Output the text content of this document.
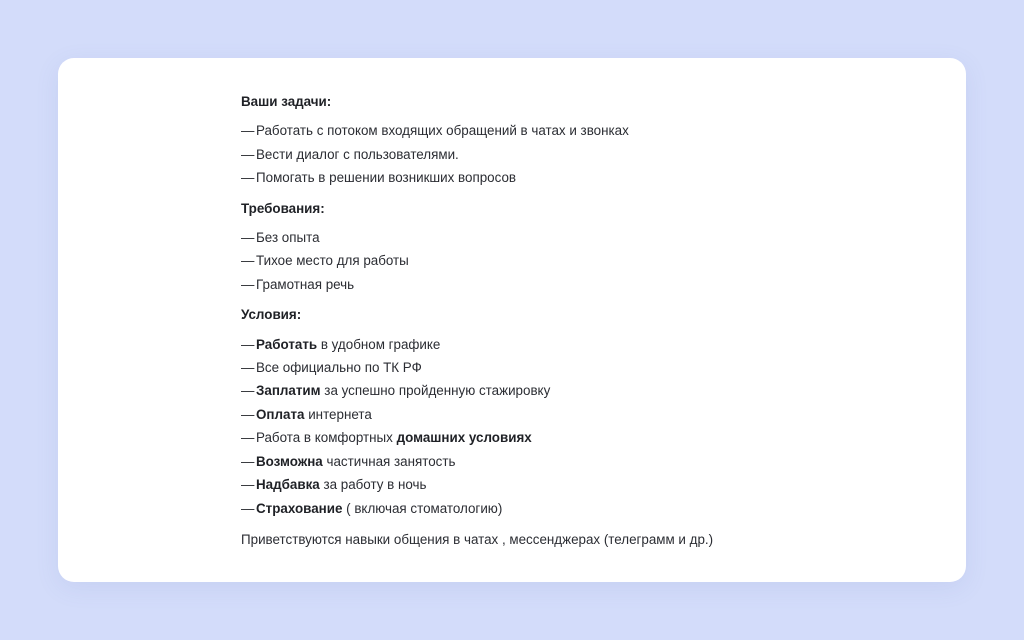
Ваши задачи:

— Работать с потоком входящих обращений в чатах и звонках
— Вести диалог с пользователями.
— Помогать в решении возникших вопросов

Требования:

— Без опыта
— Тихое место для работы
— Грамотная речь

Условия:

— Работать в удобном графике
— Все официально по ТК РФ
— Заплатим за успешно пройденную стажировку
— Оплата интернета
— Работа в комфортных домашних условиях
— Возможна частичная занятость
— Надбавка за работу в ночь
— Страхование ( включая стоматологию)

Приветствуются навыки общения в чатах , мессенджерах (телеграмм и др.)
